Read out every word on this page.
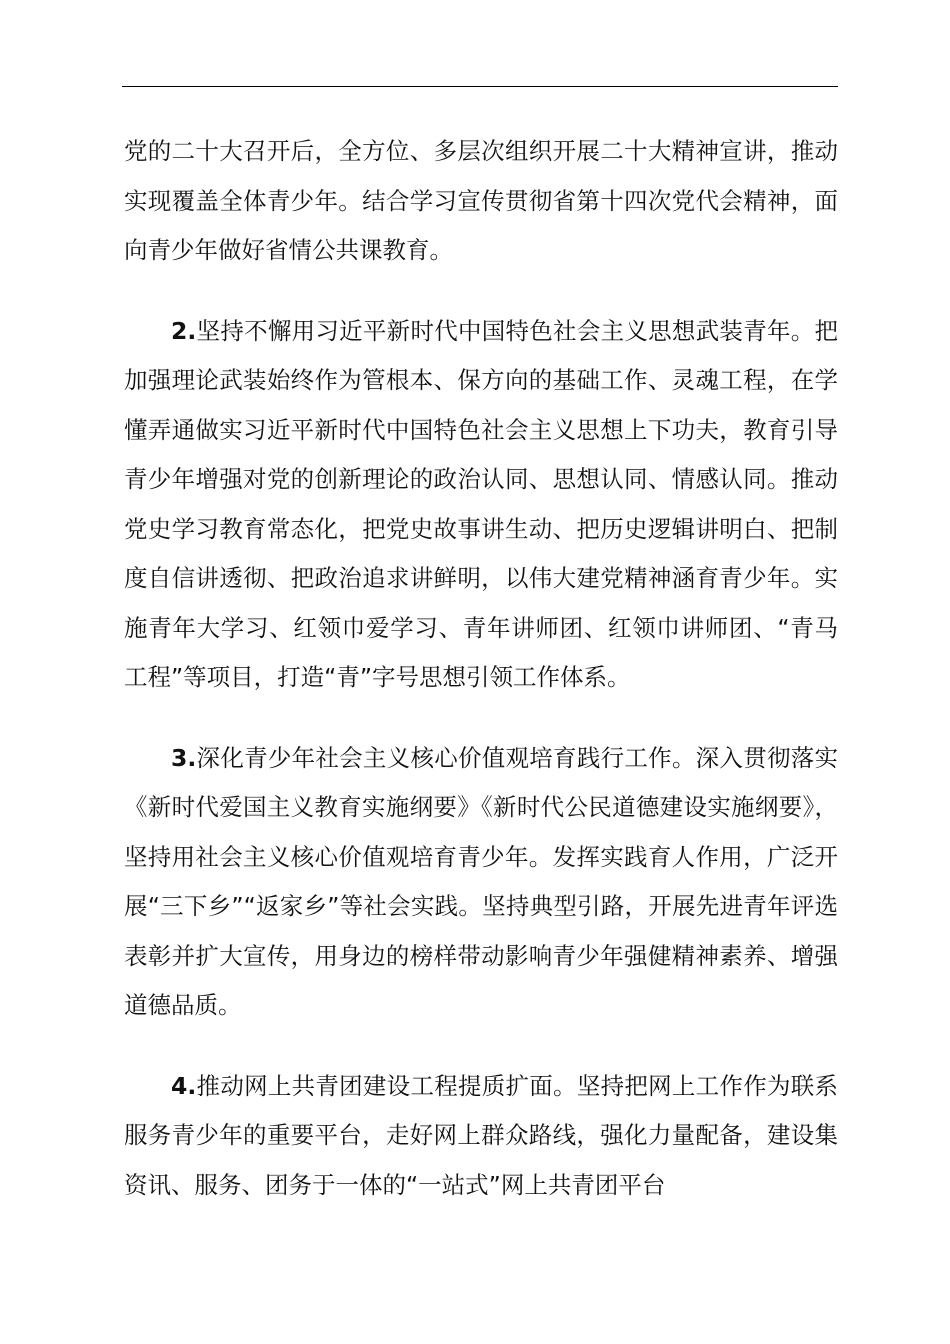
党的二十大召开后，全方位、多层次组织开展二十大精神宣讲，推动实现覆盖全体青少年。结合学习宣传贯彻省第十四次党代会精神，面向青少年做好省情公共课教育。

2.坚持不懈用习近平新时代中国特色社会主义思想武装青年。把加强理论武装始终作为管根本、保方向的基础工作、灵魂工程，在学懂弄通做实习近平新时代中国特色社会主义思想上下功夫，教育引导青少年增强对党的创新理论的政治认同、思想认同、情感认同。推动党史学习教育常态化，把党史故事讲生动、把历史逻辑讲明白、把制度自信讲透彻、把政治追求讲鲜明，以伟大建党精神涵育青少年。实施青年大学习、红领巾爱学习、青年讲师团、红领巾讲师团、“青马工程”等项目，打造“青”字号思想引领工作体系。

3.深化青少年社会主义核心价值观培育践行工作。深入贯彻落实《新时代爱国主义教育实施纲要》《新时代公民道德建设实施纲要》，坚持用社会主义核心价值观培育青少年。发挥实践育人作用，广泛开展“三下乡”“返家乡”等社会实践。坚持典型引路，开展先进青年评选表彰并扩大宣传，用身边的榜样带动影响青少年强健精神素养、增强道德品质。

4.推动网上共青团建设工程提质扩面。坚持把网上工作作为联系服务青少年的重要平台，走好网上群众路线，强化力量配备，建设集资讯、服务、团务于一体的“一站式”网上共青团平台
